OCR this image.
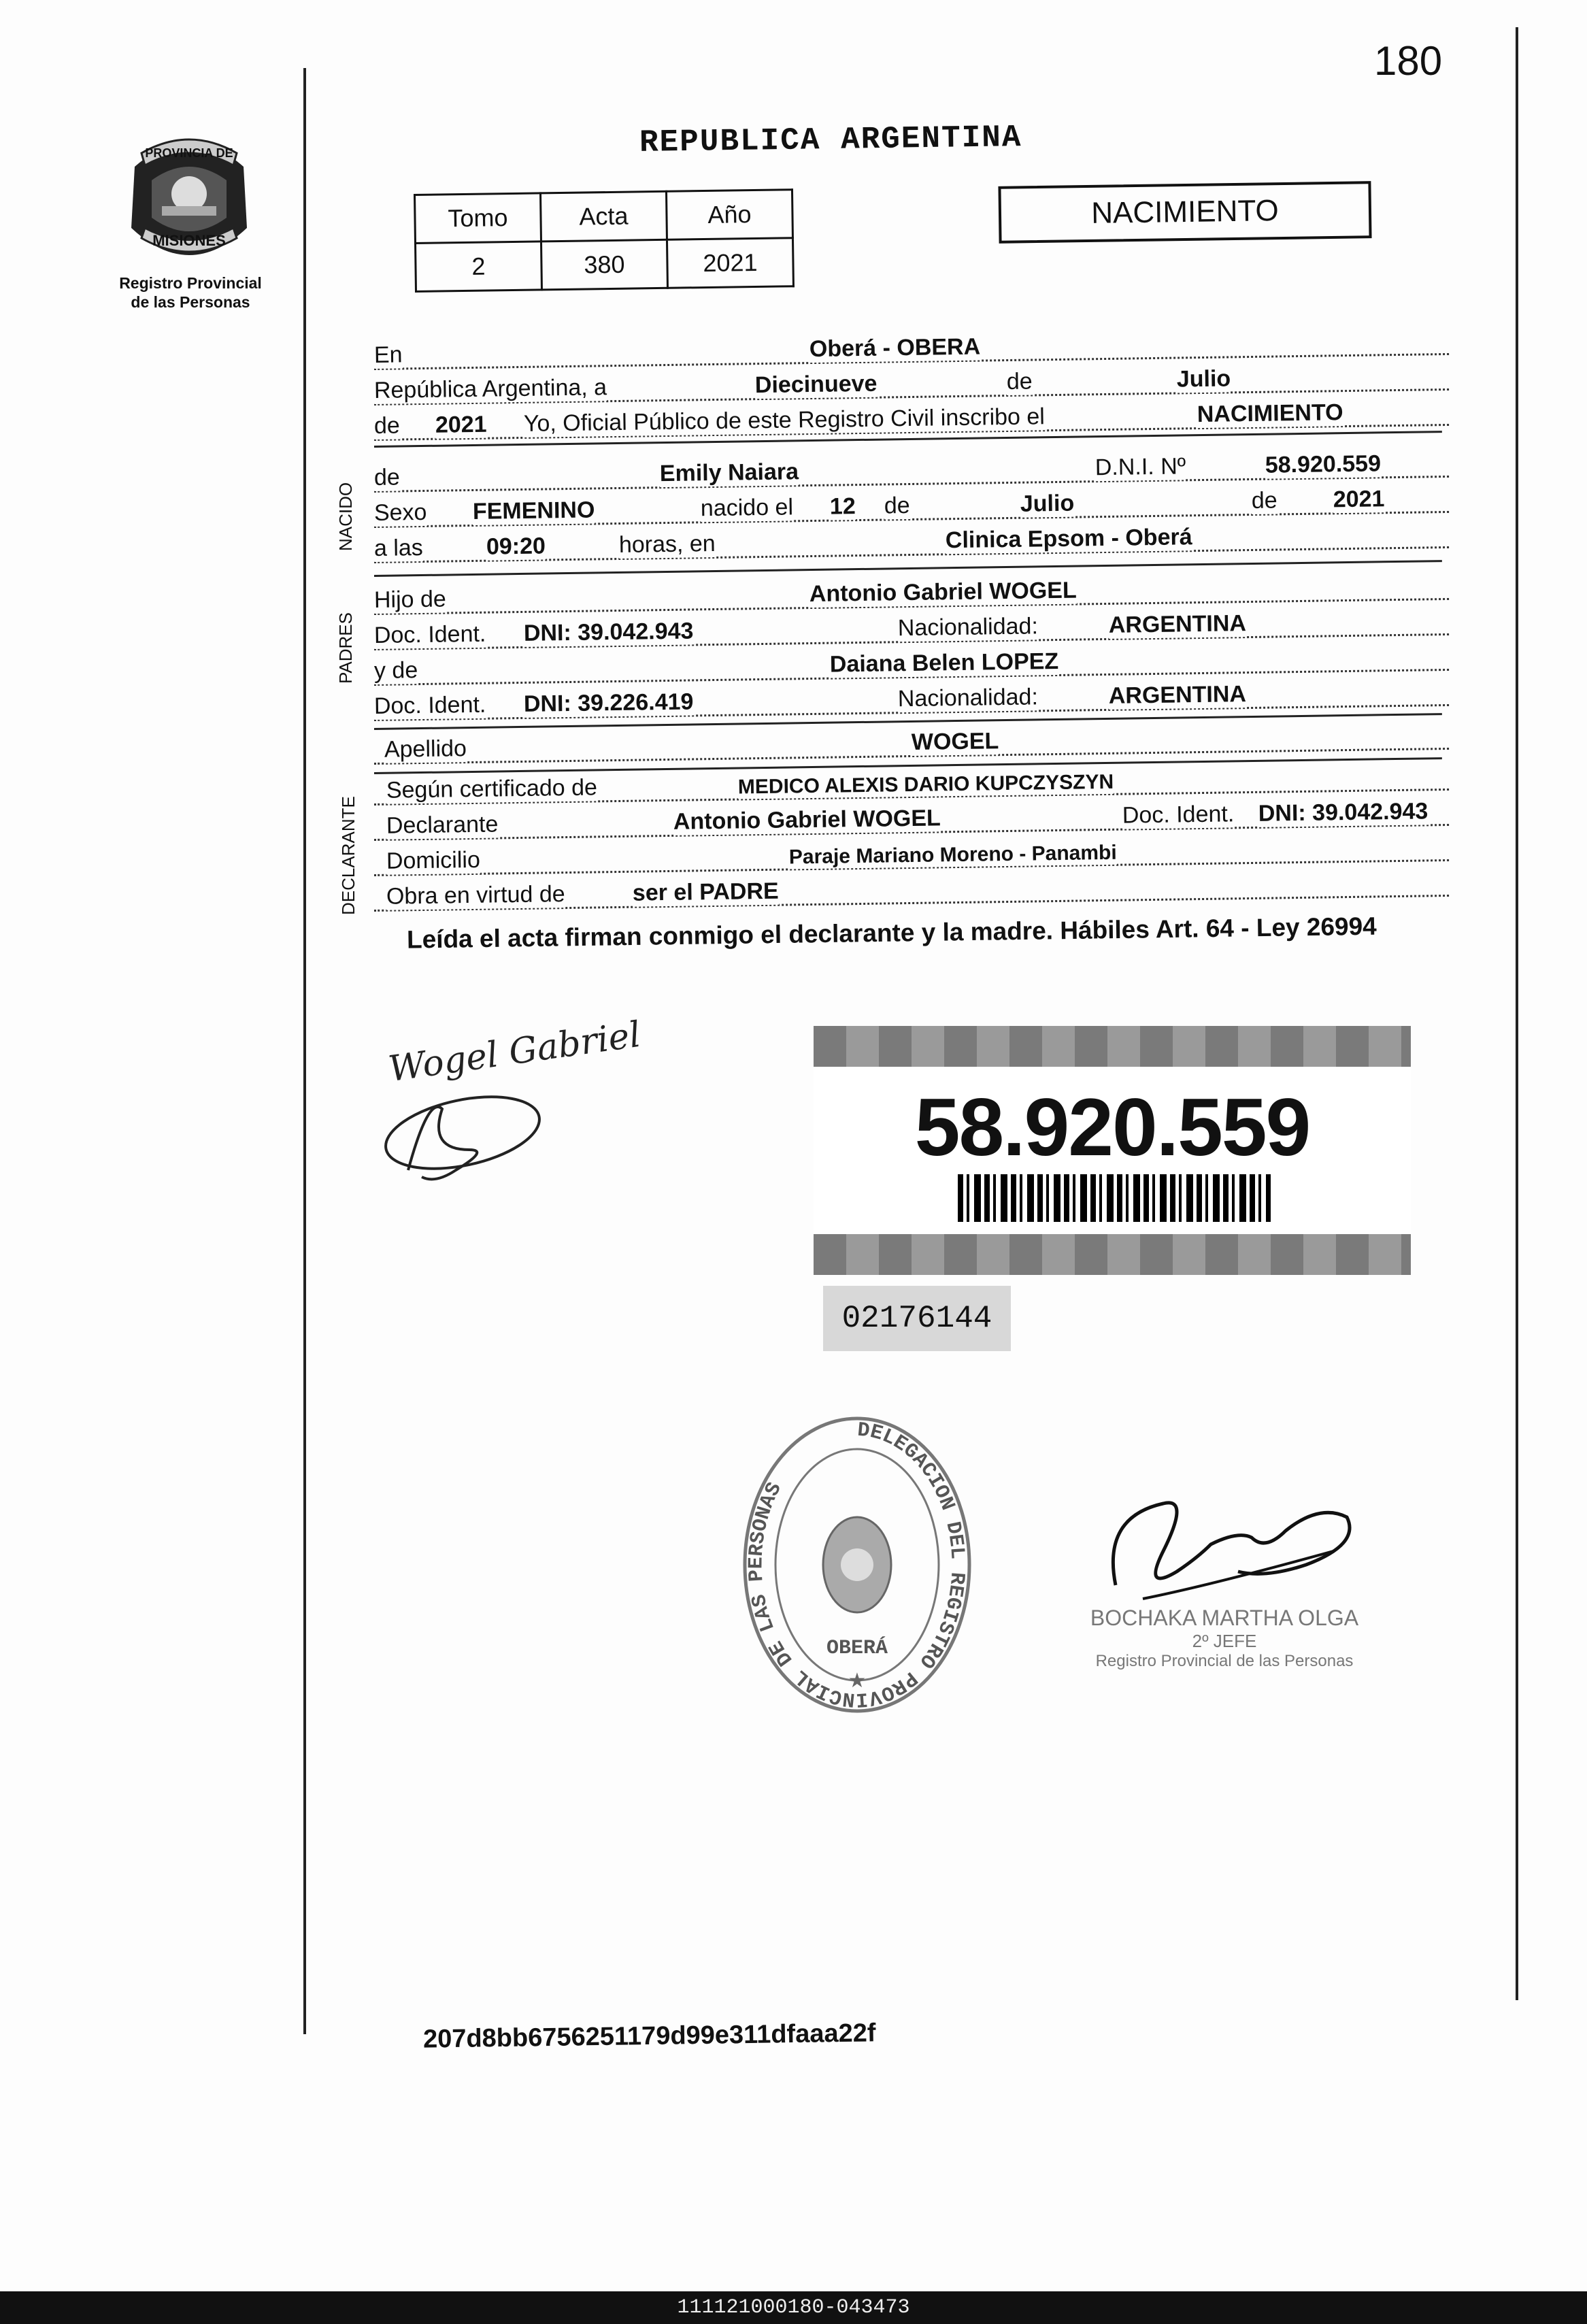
180
PROVINCIA DE
MISIONES
Registro Provincial
de las Personas
REPUBLICA ARGENTINA
Tomo	Acta	Año
2	380	2021
NACIMIENTO
En	Oberá - OBERA
República Argentina, a	Diecinueve	de	Julio
de 2021 Yo, Oficial Público de este Registro Civil inscribo el	NACIMIENTO
NACIDO
de	Emily Naiara	D.N.I. Nº	58.920.559
Sexo FEMENINO	nacido el 12 de	Julio	de 2021
a las	09:20	horas, en	Clinica Epsom - Oberá
PADRES
Hijo de	Antonio Gabriel WOGEL
Doc. Ident. DNI: 39.042.943	Nacionalidad:	ARGENTINA
y de	Daiana Belen LOPEZ
Doc. Ident. DNI: 39.226.419	Nacionalidad:	ARGENTINA
Apellido	WOGEL
DECLARANTE
Según certificado de	MEDICO ALEXIS DARIO KUPCZYSZYN
Declarante	Antonio Gabriel WOGEL	Doc. Ident. DNI: 39.042.943
Domicilio	Paraje Mariano Moreno - Panambi
Obra en virtud de	ser el PADRE
Leída el acta firman conmigo el declarante y la madre. Hábiles Art. 64 - Ley 26994
Wogel Gabriel
58.920.559
02176144
DELEGACION DEL REGISTRO PROVINCIAL DE LAS PERSONAS
OBERÁ
★
BOCHAKA MARTHA OLGA
2º JEFE
Registro Provincial de las Personas
207d8bb6756251179d99e311dfaaa22f
111121000180-043473
